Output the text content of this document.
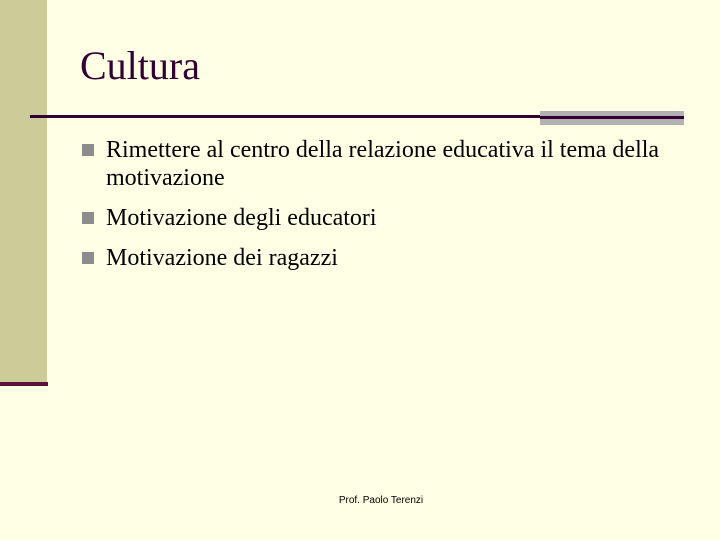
Cultura
Rimettere al centro della relazione educativa il tema della motivazione
Motivazione degli educatori
Motivazione dei ragazzi
Prof. Paolo Terenzi
